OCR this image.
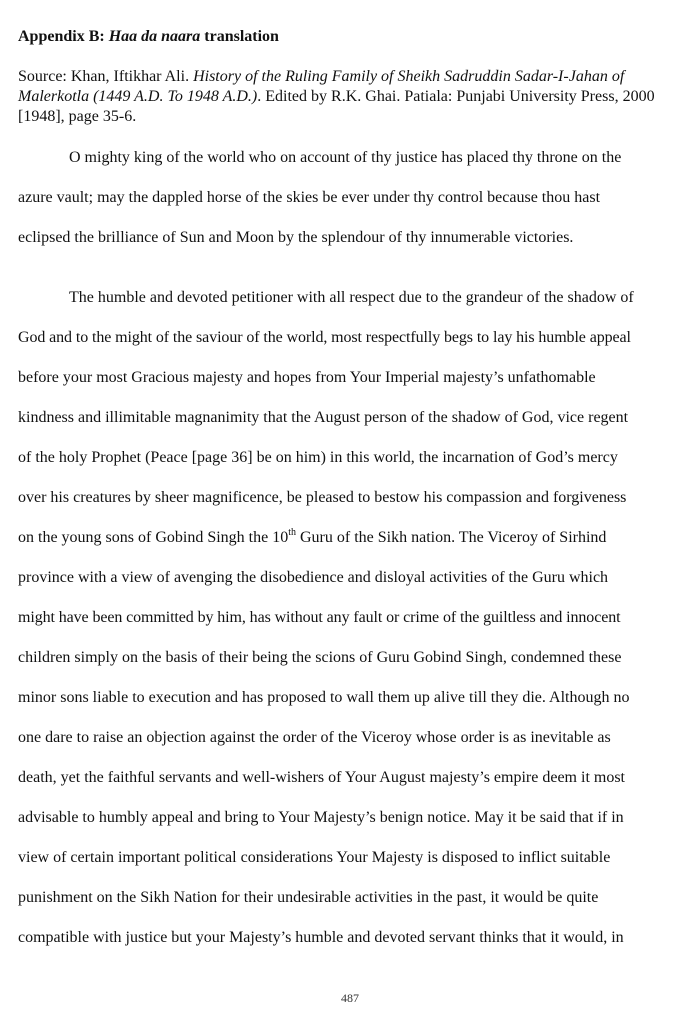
Appendix B: Haa da naara translation
Source: Khan, Iftikhar Ali. History of the Ruling Family of Sheikh Sadruddin Sadar-I-Jahan of Malerkotla (1449 A.D. To 1948 A.D.). Edited by R.K. Ghai. Patiala: Punjabi University Press, 2000 [1948], page 35-6.
O mighty king of the world who on account of thy justice has placed thy throne on the
azure vault; may the dappled horse of the skies be ever under thy control because thou hast
eclipsed the brilliance of Sun and Moon by the splendour of thy innumerable victories.
The humble and devoted petitioner with all respect due to the grandeur of the shadow of
God and to the might of the saviour of the world, most respectfully begs to lay his humble appeal
before your most Gracious majesty and hopes from Your Imperial majesty’s unfathomable
kindness and illimitable magnanimity that the August person of the shadow of God, vice regent
of the holy Prophet (Peace [page 36] be on him) in this world, the incarnation of God’s mercy
over his creatures by sheer magnificence, be pleased to bestow his compassion and forgiveness
on the young sons of Gobind Singh the 10th Guru of the Sikh nation. The Viceroy of Sirhind
province with a view of avenging the disobedience and disloyal activities of the Guru which
might have been committed by him, has without any fault or crime of the guiltless and innocent
children simply on the basis of their being the scions of Guru Gobind Singh, condemned these
minor sons liable to execution and has proposed to wall them up alive till they die. Although no
one dare to raise an objection against the order of the Viceroy whose order is as inevitable as
death, yet the faithful servants and well-wishers of Your August majesty’s empire deem it most
advisable to humbly appeal and bring to Your Majesty’s benign notice. May it be said that if in
view of certain important political considerations Your Majesty is disposed to inflict suitable
punishment on the Sikh Nation for their undesirable activities in the past, it would be quite
compatible with justice but your Majesty’s humble and devoted servant thinks that it would, in
487
